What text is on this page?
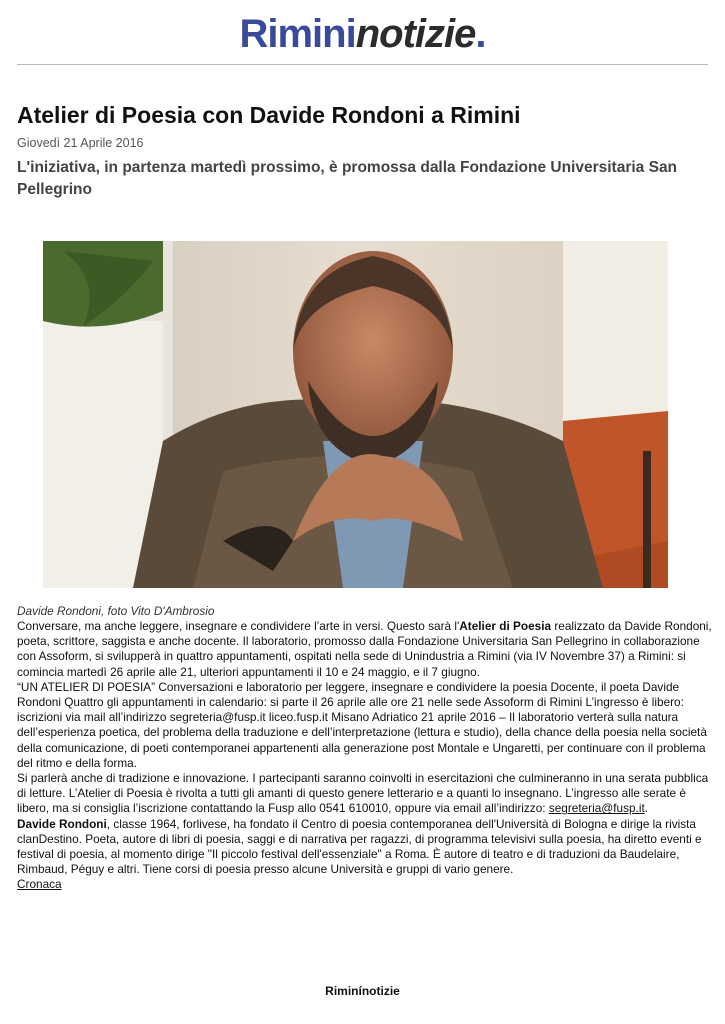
Rimininotizie.
Atelier di Poesia con Davide Rondoni a Rimini
Giovedì 21 Aprile 2016

L'iniziativa, in partenza martedì prossimo, è promossa dalla Fondazione Universitaria San Pellegrino

Davide Rondoni, foto Vito D'Ambrosio

Conversare, ma anche leggere, insegnare e condividere l’arte in versi. Questo sarà l'Atelier di Poesia realizzato da Davide Rondoni, poeta, scrittore, saggista e anche docente. Il laboratorio, promosso dalla Fondazione Universitaria San Pellegrino in collaborazione con Assoform, si svilupperà in quattro appuntamenti, ospitati nella sede di Unindustria a Rimini (via IV Novembre 37) a Rimini: si comincia martedì 26 aprile alle 21, ulteriori appuntamenti il 10 e 24 maggio, e il 7 giugno.

“UN ATELIER DI POESIA” Conversazioni e laboratorio per leggere, insegnare e condividere la poesia Docente, il poeta Davide Rondoni Quattro gli appuntamenti in calendario: si parte il 26 aprile alle ore 21 nelle sede Assoform di Rimini L’ingresso è libero: iscrizioni via mail all’indirizzo segreteria@fusp.it liceo.fusp.it Misano Adriatico 21 aprile 2016 – Il laboratorio verterà sulla natura dell’esperienza poetica, del problema della traduzione e dell’interpretazione (lettura e studio), della chance della poesia nella società della comunicazione, di poeti contemporanei appartenenti alla generazione post Montale e Ungaretti, per continuare con il problema del ritmo e della forma.

Si parlerà anche di tradizione e innovazione. I partecipanti saranno coinvolti in esercitazioni che culmineranno in una serata pubblica di letture. L’Atelier di Poesia è rivolta a tutti gli amanti di questo genere letterario e a quanti lo insegnano. L’ingresso alle serate è libero, ma si consiglia l’iscrizione contattando la Fusp allo 0541 610010, oppure via email all’indirizzo: segreteria@fusp.it.

Davide Rondoni, classe 1964, forlivese, ha fondato il Centro di poesia contemporanea dell'Università di Bologna e dirige la rivista clanDestino. Poeta, autore di libri di poesia, saggi e di narrativa per ragazzi, di programma televisivi sulla poesia, ha diretto eventi e festival di poesia, al momento dirige "Il piccolo festival dell'essenziale" a Roma. È autore di teatro e di traduzioni da Baudelaire, Rimbaud, Péguy e altri. Tiene corsi di poesia presso alcune Università e gruppi di vario genere.

Cronaca

Riminínotizie
